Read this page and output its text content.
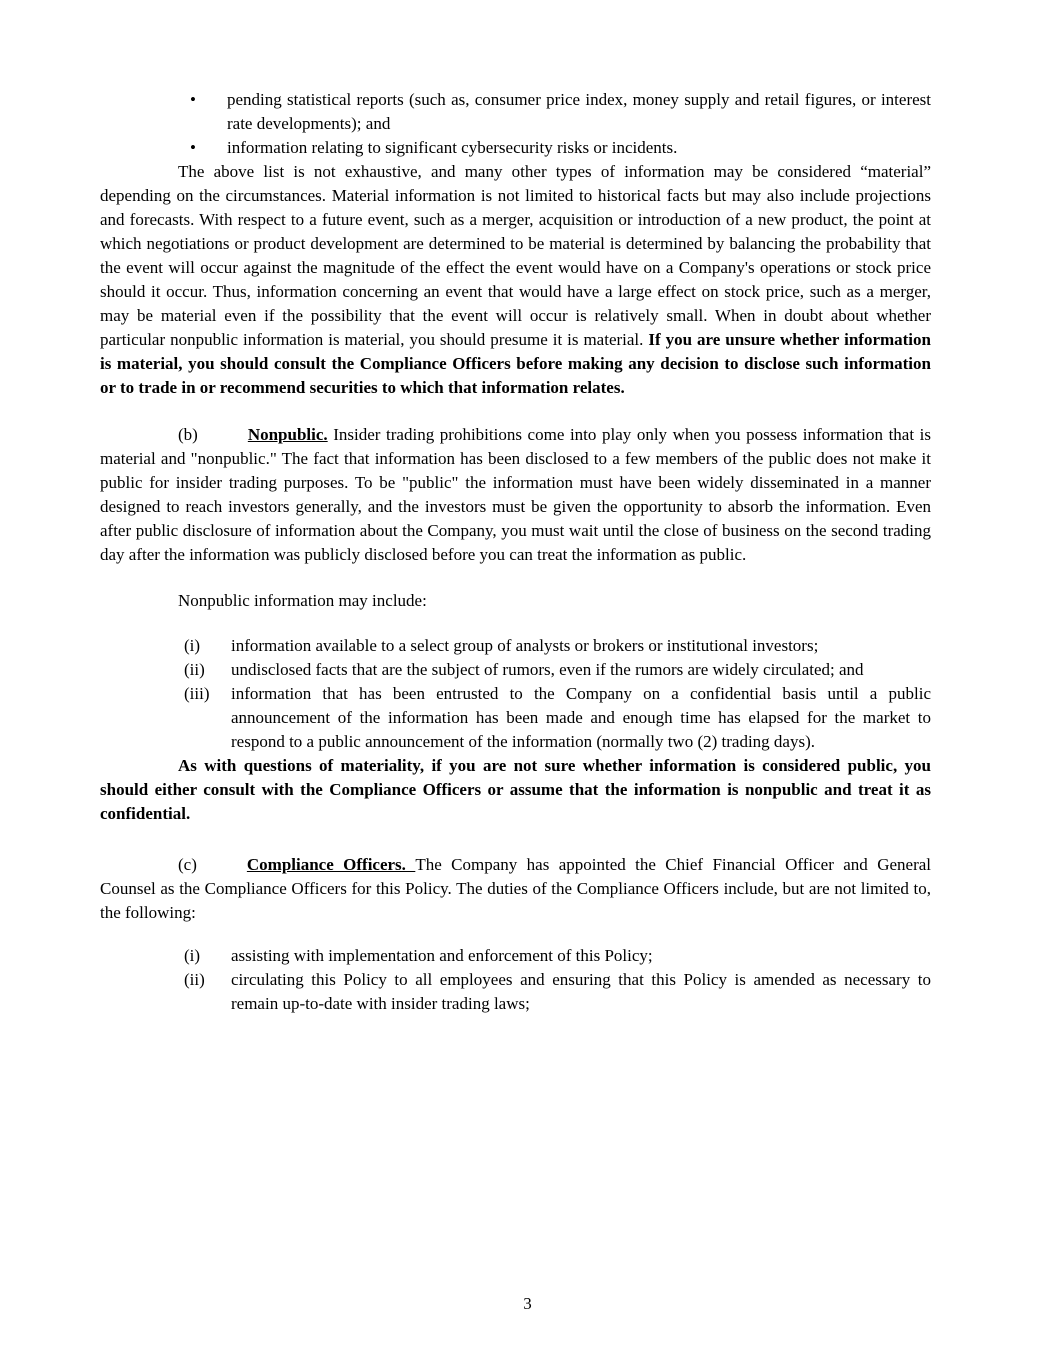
• pending statistical reports (such as, consumer price index, money supply and retail figures, or interest rate developments); and
• information relating to significant cybersecurity risks or incidents.

The above list is not exhaustive, and many other types of information may be considered “material” depending on the circumstances. Material information is not limited to historical facts but may also include projections and forecasts. With respect to a future event, such as a merger, acquisition or introduction of a new product, the point at which negotiations or product development are determined to be material is determined by balancing the probability that the event will occur against the magnitude of the effect the event would have on a Company's operations or stock price should it occur. Thus, information concerning an event that would have a large effect on stock price, such as a merger, may be material even if the possibility that the event will occur is relatively small. When in doubt about whether particular nonpublic information is material, you should presume it is material. If you are unsure whether information is material, you should consult the Compliance Officers before making any decision to disclose such information or to trade in or recommend securities to which that information relates.

(b)	Nonpublic. Insider trading prohibitions come into play only when you possess information that is material and "nonpublic." The fact that information has been disclosed to a few members of the public does not make it public for insider trading purposes. To be "public" the information must have been widely disseminated in a manner designed to reach investors generally, and the investors must be given the opportunity to absorb the information. Even after public disclosure of information about the Company, you must wait until the close of business on the second trading day after the information was publicly disclosed before you can treat the information as public.

Nonpublic information may include:

(i) information available to a select group of analysts or brokers or institutional investors;
(ii) undisclosed facts that are the subject of rumors, even if the rumors are widely circulated; and
(iii) information that has been entrusted to the Company on a confidential basis until a public announcement of the information has been made and enough time has elapsed for the market to respond to a public announcement of the information (normally two (2) trading days).

As with questions of materiality, if you are not sure whether information is considered public, you should either consult with the Compliance Officers or assume that the information is nonpublic and treat it as confidential.

(c)	Compliance Officers. The Company has appointed the Chief Financial Officer and General Counsel as the Compliance Officers for this Policy. The duties of the Compliance Officers include, but are not limited to, the following:

(i) assisting with implementation and enforcement of this Policy;
(ii) circulating this Policy to all employees and ensuring that this Policy is amended as necessary to remain up-to-date with insider trading laws;
3
